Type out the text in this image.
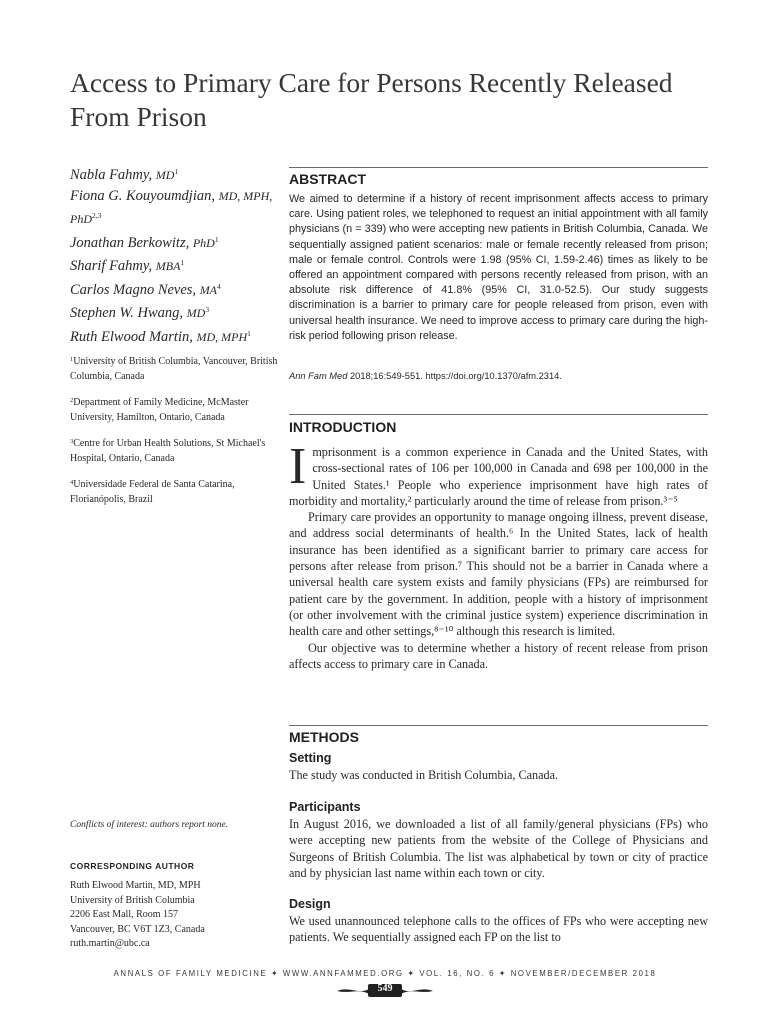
Access to Primary Care for Persons Recently Released From Prison
Nabla Fahmy, $MD^1$
Fiona G. Kouyoumdjian, MD, MPH, PhD$^{2,3}$
Jonathan Berkowitz, PhD$^1$
Sharif Fahmy, MBA$^1$
Carlos Magno Neves, $MA^4$
Stephen W. Hwang, $MD^3$
Ruth Elwood Martin, MD, MPH$^1$
$^1$University of British Columbia, Vancouver, British Columbia, Canada
$^2$Department of Family Medicine, McMaster University, Hamilton, Ontario, Canada
$^3$Centre for Urban Health Solutions, St Michael's Hospital, Ontario, Canada
$^4$Universidade Federal de Santa Catarina, Florianópolis, Brazil
Conflicts of interest: authors report none.
CORRESPONDING AUTHOR
Ruth Elwood Martin, MD, MPH
University of British Columbia
2206 East Mall, Room 157
Vancouver, BC V6T 1Z3, Canada
ruth.martin@ubc.ca
ABSTRACT
We aimed to determine if a history of recent imprisonment affects access to primary care. Using patient roles, we telephoned to request an initial appointment with all family physicians (n = 339) who were accepting new patients in British Columbia, Canada. We sequentially assigned patient scenarios: male or female recently released from prison; male or female control. Controls were 1.98 (95% CI, 1.59-2.46) times as likely to be offered an appointment compared with persons recently released from prison, with an absolute risk difference of 41.8% (95% CI, 31.0-52.5). Our study suggests discrimination is a barrier to primary care for people released from prison, even with universal health insurance. We need to improve access to primary care during the high-risk period following prison release.
Ann Fam Med 2018;16:549-551. https://doi.org/10.1370/afm.2314.
INTRODUCTION

Imprisonment is a common experience in Canada and the United States, with cross-sectional rates of 106 per 100,000 in Canada and 698 per 100,000 in the United States.¹ People who experience imprisonment have high rates of morbidity and mortality,² particularly around the time of release from prison.³⁻⁵

Primary care provides an opportunity to manage ongoing illness, prevent disease, and address social determinants of health.⁶ In the United States, lack of health insurance has been identified as a significant barrier to primary care access for persons after release from prison.⁷ This should not be a barrier in Canada where a universal health care system exists and family physicians (FPs) are reimbursed for patient care by the government. In addition, people with a history of imprisonment (or other involvement with the criminal justice system) experience discrimination in health care and other settings,⁸⁻¹⁰ although this research is limited.

Our objective was to determine whether a history of recent release from prison affects access to primary care in Canada.

METHODS
Setting
The study was conducted in British Columbia, Canada.
Participants
In August 2016, we downloaded a list of all family/general physicians (FPs) who were accepting new patients from the website of the College of Physicians and Surgeons of British Columbia. The list was alphabetical by town or city of practice and by physician last name within each town or city.
Design
We used unannounced telephone calls to the offices of FPs who were accepting new patients. We sequentially assigned each FP on the list to
ANNALS OF FAMILY MEDICINE ✦ WWW.ANNFAMMED.ORG ✦ VOL. 16, NO. 6 ✦ NOVEMBER/DECEMBER 2018
549
